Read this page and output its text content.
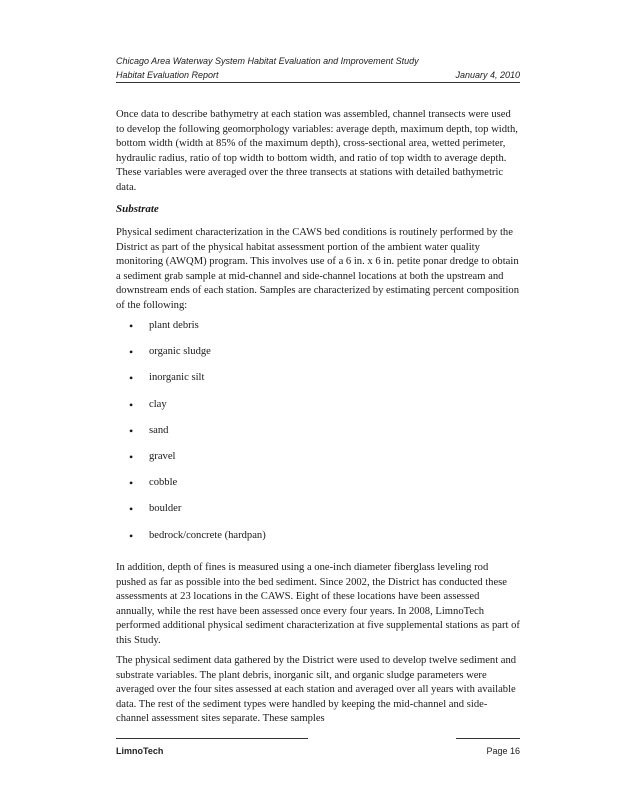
Chicago Area Waterway System Habitat Evaluation and Improvement Study
Habitat Evaluation Report	January 4, 2010

Once data to describe bathymetry at each station was assembled, channel transects were used to develop the following geomorphology variables: average depth, maximum depth, top width, bottom width (width at 85% of the maximum depth), cross-sectional area, wetted perimeter, hydraulic radius, ratio of top width to bottom width, and ratio of top width to average depth. These variables were averaged over the three transects at stations with detailed bathymetric data.

Substrate

Physical sediment characterization in the CAWS bed conditions is routinely performed by the District as part of the physical habitat assessment portion of the ambient water quality monitoring (AWQM) program. This involves use of a 6 in. x 6 in. petite ponar dredge to obtain a sediment grab sample at mid-channel and side-channel locations at both the upstream and downstream ends of each station. Samples are characterized by estimating percent composition of the following:

• plant debris
• organic sludge
• inorganic silt
• clay
• sand
• gravel
• cobble
• boulder
• bedrock/concrete (hardpan)

In addition, depth of fines is measured using a one-inch diameter fiberglass leveling rod pushed as far as possible into the bed sediment. Since 2002, the District has conducted these assessments at 23 locations in the CAWS. Eight of these locations have been assessed annually, while the rest have been assessed once every four years. In 2008, LimnoTech performed additional physical sediment characterization at five supplemental stations as part of this Study.

The physical sediment data gathered by the District were used to develop twelve sediment and substrate variables. The plant debris, inorganic silt, and organic sludge parameters were averaged over the four sites assessed at each station and averaged over all years with available data. The rest of the sediment types were handled by keeping the mid-channel and side-channel assessment sites separate. These samples

LimnoTech	Page 16
